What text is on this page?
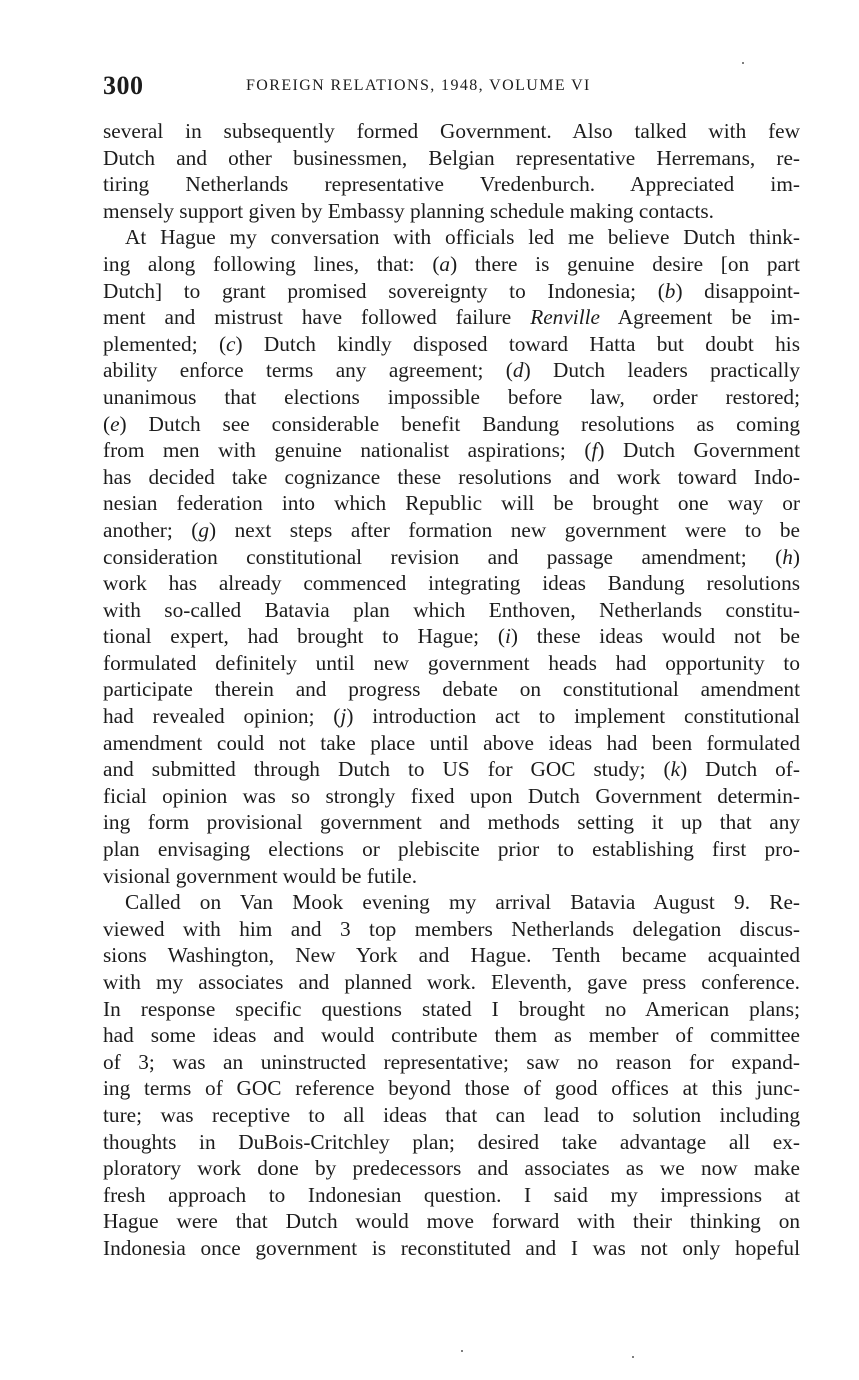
300	FOREIGN RELATIONS, 1948, VOLUME VI

several in subsequently formed Government. Also talked with few
Dutch and other businessmen, Belgian representative Herremans, re-
tiring Netherlands representative Vredenburch. Appreciated im-
mensely support given by Embassy planning schedule making contacts.
At Hague my conversation with officials led me believe Dutch think-
ing along following lines, that: (a) there is genuine desire [on part
Dutch] to grant promised sovereignty to Indonesia; (b) disappoint-
ment and mistrust have followed failure Renville Agreement be im-
plemented; (c) Dutch kindly disposed toward Hatta but doubt his
ability enforce terms any agreement; (d) Dutch leaders practically
unanimous that elections impossible before law, order restored;
(e) Dutch see considerable benefit Bandung resolutions as coming
from men with genuine nationalist aspirations; (f) Dutch Government
has decided take cognizance these resolutions and work toward Indo-
nesian federation into which Republic will be brought one way or
another; (g) next steps after formation new government were to be
consideration constitutional revision and passage amendment; (h)
work has already commenced integrating ideas Bandung resolutions
with so-called Batavia plan which Enthoven, Netherlands constitu-
tional expert, had brought to Hague; (i) these ideas would not be
formulated definitely until new government heads had opportunity to
participate therein and progress debate on constitutional amendment
had revealed opinion; (j) introduction act to implement constitutional
amendment could not take place until above ideas had been formulated
and submitted through Dutch to US for GOC study; (k) Dutch of-
ficial opinion was so strongly fixed upon Dutch Government determin-
ing form provisional government and methods setting it up that any
plan envisaging elections or plebiscite prior to establishing first pro-
visional government would be futile.
Called on Van Mook evening my arrival Batavia August 9. Re-
viewed with him and 3 top members Netherlands delegation discus-
sions Washington, New York and Hague. Tenth became acquainted
with my associates and planned work. Eleventh, gave press conference.
In response specific questions stated I brought no American plans;
had some ideas and would contribute them as member of committee
of 3; was an uninstructed representative; saw no reason for expand-
ing terms of GOC reference beyond those of good offices at this junc-
ture; was receptive to all ideas that can lead to solution including
thoughts in DuBois-Critchley plan; desired take advantage all ex-
ploratory work done by predecessors and associates as we now make
fresh approach to Indonesian question. I said my impressions at
Hague were that Dutch would move forward with their thinking on
Indonesia once government is reconstituted and I was not only hopeful
